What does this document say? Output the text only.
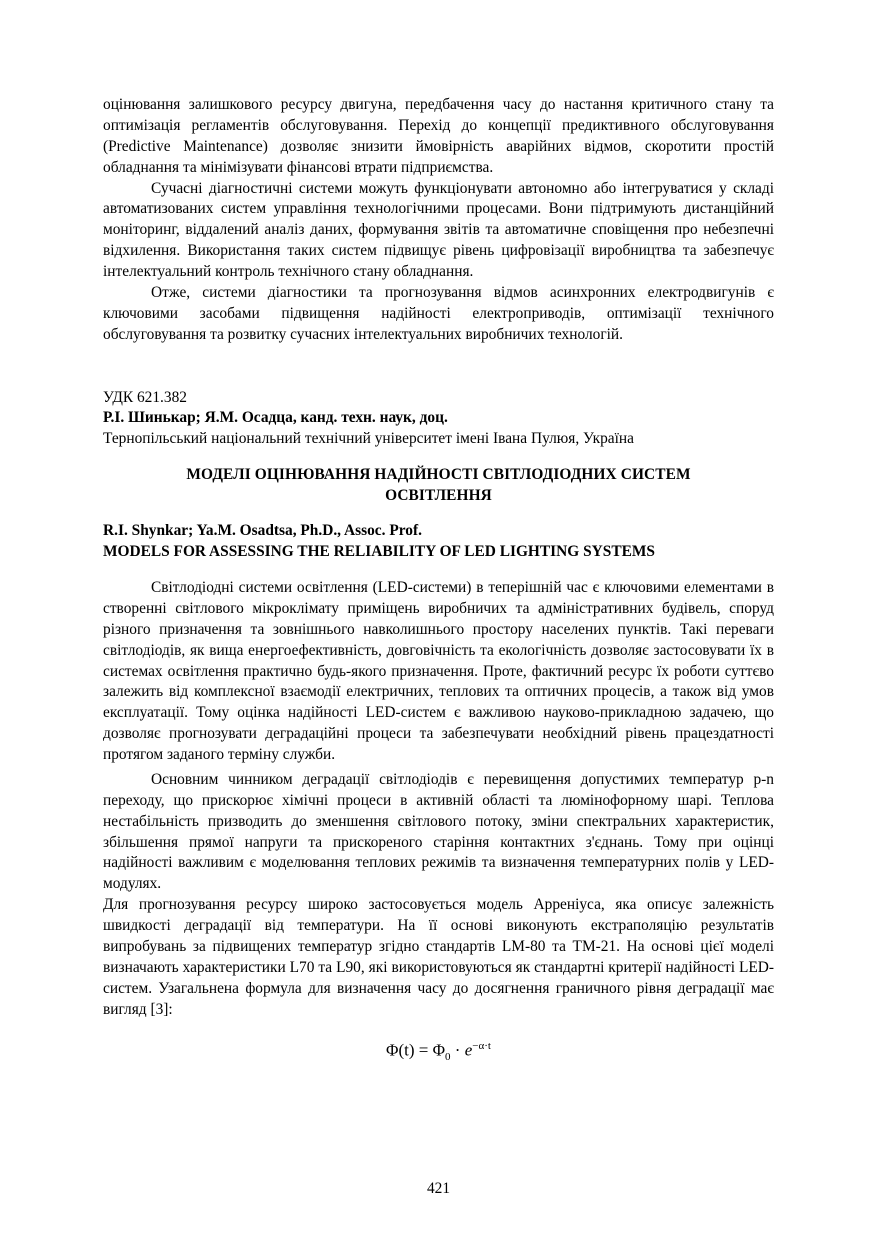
оцінювання залишкового ресурсу двигуна, передбачення часу до настання критичного стану та оптимізація регламентів обслуговування. Перехід до концепції предиктивного обслуговування (Predictive Maintenance) дозволяє знизити ймовірність аварійних відмов, скоротити простій обладнання та мінімізувати фінансові втрати підприємства.

Сучасні діагностичні системи можуть функціонувати автономно або інтегруватися у складі автоматизованих систем управління технологічними процесами. Вони підтримують дистанційний моніторинг, віддалений аналіз даних, формування звітів та автоматичне сповіщення про небезпечні відхилення. Використання таких систем підвищує рівень цифровізації виробництва та забезпечує інтелектуальний контроль технічного стану обладнання.

Отже, системи діагностики та прогнозування відмов асинхронних електродвигунів є ключовими засобами підвищення надійності електроприводів, оптимізації технічного обслуговування та розвитку сучасних інтелектуальних виробничих технологій.

УДК 621.382

Р.І. Шинькар; Я.М. Осадца, канд. техн. наук, доц.

Тернопільський національний технічний університет імені Івана Пулюя, Україна

МОДЕЛІ ОЦІНЮВАННЯ НАДІЙНОСТІ СВІТЛОДІОДНИХ СИСТЕМ

ОСВІТЛЕННЯ

R.I. Shynkar; Ya.M. Osadtsa, Ph.D., Assoc. Prof.

MODELS FOR ASSESSING THE RELIABILITY OF LED LIGHTING SYSTEMS

Світлодіодні системи освітлення (LED-системи) в теперішній час є ключовими елементами в створенні світлового мікроклімату приміщень виробничих та адміністративних будівель, споруд різного призначення та зовнішнього навколишнього простору населених пунктів. Такі переваги світлодіодів, як вища енергоефективність, довговічність та екологічність дозволяє застосовувати їх в системах освітлення практично будь-якого призначення. Проте, фактичний ресурс їх роботи суттєво залежить від комплексної взаємодії електричних, теплових та оптичних процесів, а також від умов експлуатації. Тому оцінка надійності LED-систем є важливою науково-прикладною задачею, що дозволяє прогнозувати деградаційні процеси та забезпечувати необхідний рівень працездатності протягом заданого терміну служби.

Основним чинником деградації світлодіодів є перевищення допустимих температур p-n переходу, що прискорює хімічні процеси в активній області та люмінофорному шарі. Теплова нестабільність призводить до зменшення світлового потоку, зміни спектральних характеристик, збільшення прямої напруги та прискореного старіння контактних з'єднань. Тому при оцінці надійності важливим є моделювання теплових режимів та визначення температурних полів у LED-модулях.

Для прогнозування ресурсу широко застосовується модель Арреніуса, яка описує залежність швидкості деградації від температури. На її основі виконують екстраполяцію результатів випробувань за підвищених температур згідно стандартів LM-80 та TM-21. На основі цієї моделі визначають характеристики L70 та L90, які використовуються як стандартні критерії надійності LED-систем. Узагальнена формула для визначення часу до досягнення граничного рівня деградації має вигляд [3]:

$\Phi(t) = \Phi_0 \cdot e^{-\alpha\cdot t}$

421
